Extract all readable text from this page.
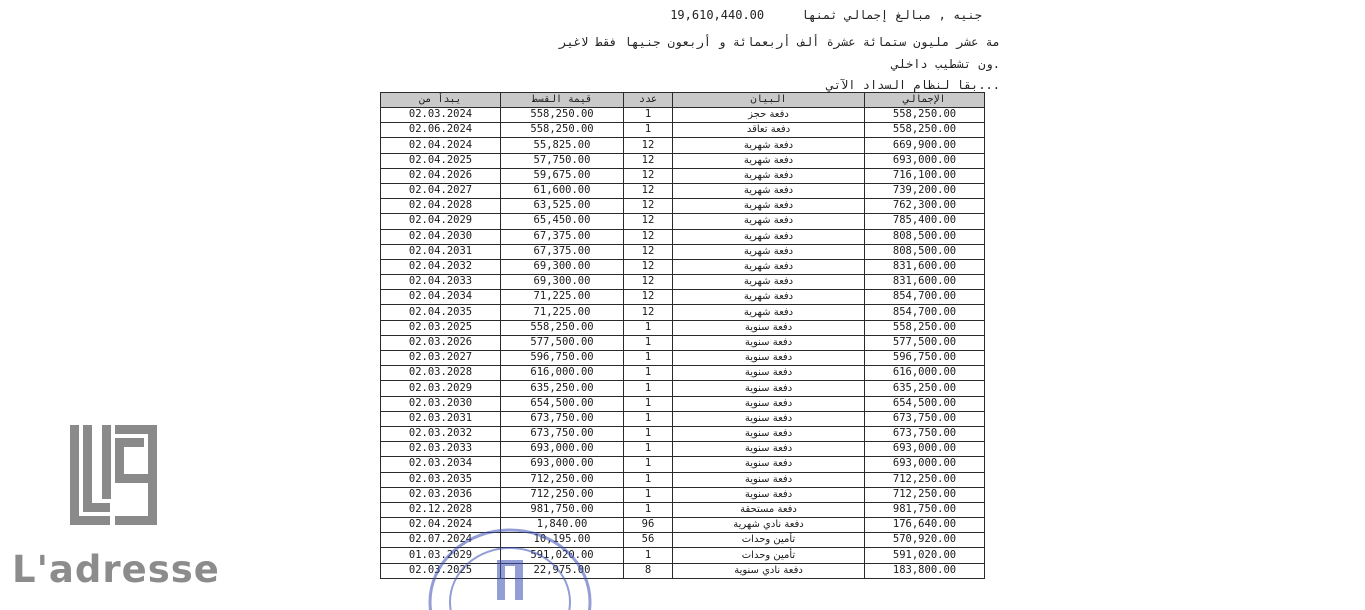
L'adresse
19,610,440.00	جنيه , مبالغ إجمالي ثمنها
مة عشر مليون ستمائة عشرة ألف أربعمائة و أربعون جنيها فقط لاغير
ون تشطيب داخلي.
بقا لنظام السداد الآتي...
يبدأ من	قيمة القسط	عدد	البيان	الإجمالي
02.03.2024	558,250.00	1	دفعة حجز	558,250.00
02.06.2024	558,250.00	1	دفعة تعاقد	558,250.00
02.04.2024	55,825.00	12	دفعة شهرية	669,900.00
02.04.2025	57,750.00	12	دفعة شهرية	693,000.00
02.04.2026	59,675.00	12	دفعة شهرية	716,100.00
02.04.2027	61,600.00	12	دفعة شهرية	739,200.00
02.04.2028	63,525.00	12	دفعة شهرية	762,300.00
02.04.2029	65,450.00	12	دفعة شهرية	785,400.00
02.04.2030	67,375.00	12	دفعة شهرية	808,500.00
02.04.2031	67,375.00	12	دفعة شهرية	808,500.00
02.04.2032	69,300.00	12	دفعة شهرية	831,600.00
02.04.2033	69,300.00	12	دفعة شهرية	831,600.00
02.04.2034	71,225.00	12	دفعة شهرية	854,700.00
02.04.2035	71,225.00	12	دفعة شهرية	854,700.00
02.03.2025	558,250.00	1	دفعة سنوية	558,250.00
02.03.2026	577,500.00	1	دفعة سنوية	577,500.00
02.03.2027	596,750.00	1	دفعة سنوية	596,750.00
02.03.2028	616,000.00	1	دفعة سنوية	616,000.00
02.03.2029	635,250.00	1	دفعة سنوية	635,250.00
02.03.2030	654,500.00	1	دفعة سنوية	654,500.00
02.03.2031	673,750.00	1	دفعة سنوية	673,750.00
02.03.2032	673,750.00	1	دفعة سنوية	673,750.00
02.03.2033	693,000.00	1	دفعة سنوية	693,000.00
02.03.2034	693,000.00	1	دفعة سنوية	693,000.00
02.03.2035	712,250.00	1	دفعة سنوية	712,250.00
02.03.2036	712,250.00	1	دفعة سنوية	712,250.00
02.12.2028	981,750.00	1	دفعة مستحقة	981,750.00
02.04.2024	1,840.00	96	دفعة نادي شهرية	176,640.00
02.07.2024	10,195.00	56	تأمين وحدات	570,920.00
01.03.2029	591,020.00	1	تأمين وحدات	591,020.00
02.03.2025	22,975.00	8	دفعة نادي سنوية	183,800.00
